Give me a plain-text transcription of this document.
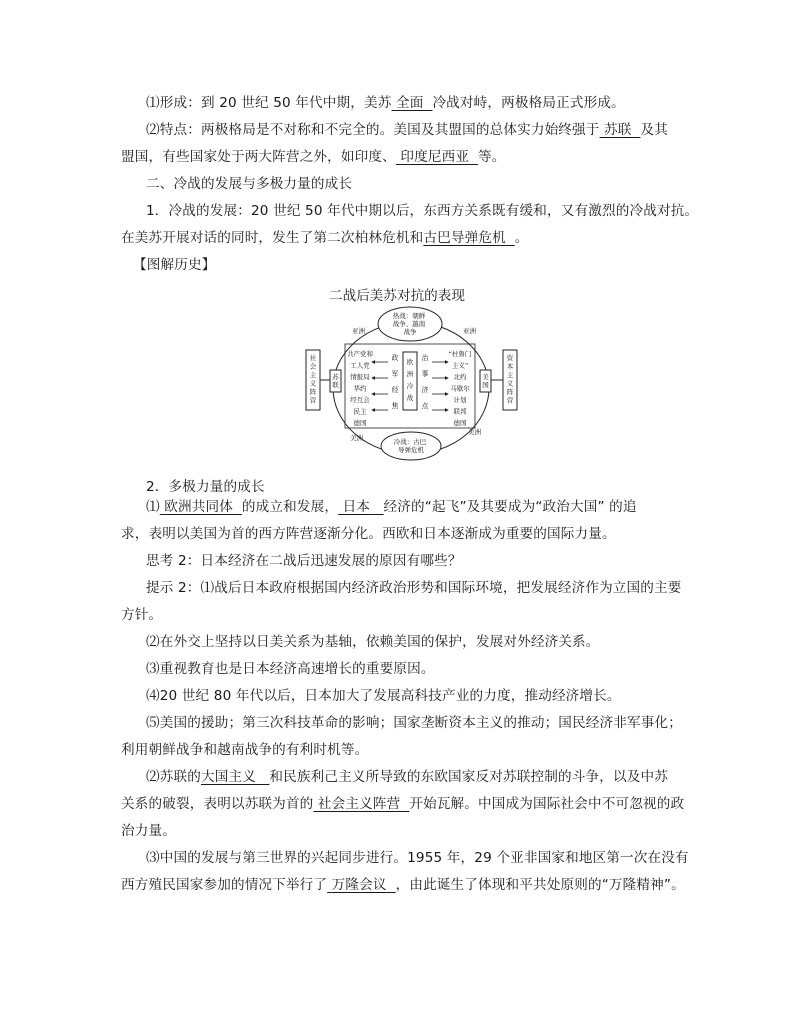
⑴形成：到 20 世纪 50 年代中期，美苏 全面 冷战对峙，两极格局正式形成。
⑵特点：两极格局是不对称和不完全的。美国及其盟国的总体实力始终强于 苏联 及其
盟国，有些国家处于两大阵营之外，如印度、 印度尼西亚 等。
二、冷战的发展与多极力量的成长
1．冷战的发展：20 世纪 50 年代中期以后，东西方关系既有缓和，又有激烈的冷战对抗。
在美苏开展对话的同时，发生了第二次柏林危机和古巴导弹危机 。
【图解历史】
二战后美苏对抗的表现
热战：朝鲜 战争、越南 战争
冷战：古巴 导弹危机
社
会
主
义
阵
营
资
本
主
义
阵
营
苏
联
美
国
欧
洲
冷
战
政
军
经
焦
治
事
济
点
共产党和
工人党
情报局
华约
经互会
民主
德国
“杜鲁门
主义”
北约
马歇尔
计划
联邦
德国
亚洲	亚洲
美洲
美洲
2．多极力量的成长
⑴ 欧洲共同体 的成立和发展， 日本 经济的“起飞”及其要成为“政治大国” 的追
求，表明以美国为首的西方阵营逐渐分化。西欧和日本逐渐成为重要的国际力量。
思考 2：日本经济在二战后迅速发展的原因有哪些？
提示 2：⑴战后日本政府根据国内经济政治形势和国际环境，把发展经济作为立国的主要
方针。
⑵在外交上坚持以日美关系为基轴，依赖美国的保护，发展对外经济关系。
⑶重视教育也是日本经济高速增长的重要原因。
⑷20 世纪 80 年代以后，日本加大了发展高科技产业的力度，推动经济增长。
⑸美国的援助；第三次科技革命的影响；国家垄断资本主义的推动；国民经济非军事化；
利用朝鲜战争和越南战争的有利时机等。
⑵苏联的大国主义 和民族利己主义所导致的东欧国家反对苏联控制的斗争，以及中苏
关系的破裂，表明以苏联为首的 社会主义阵营 开始瓦解。中国成为国际社会中不可忽视的政
治力量。
⑶中国的发展与第三世界的兴起同步进行。1955 年，29 个亚非国家和地区第一次在没有
西方殖民国家参加的情况下举行了 万隆会议 ，由此诞生了体现和平共处原则的“万隆精神”。
